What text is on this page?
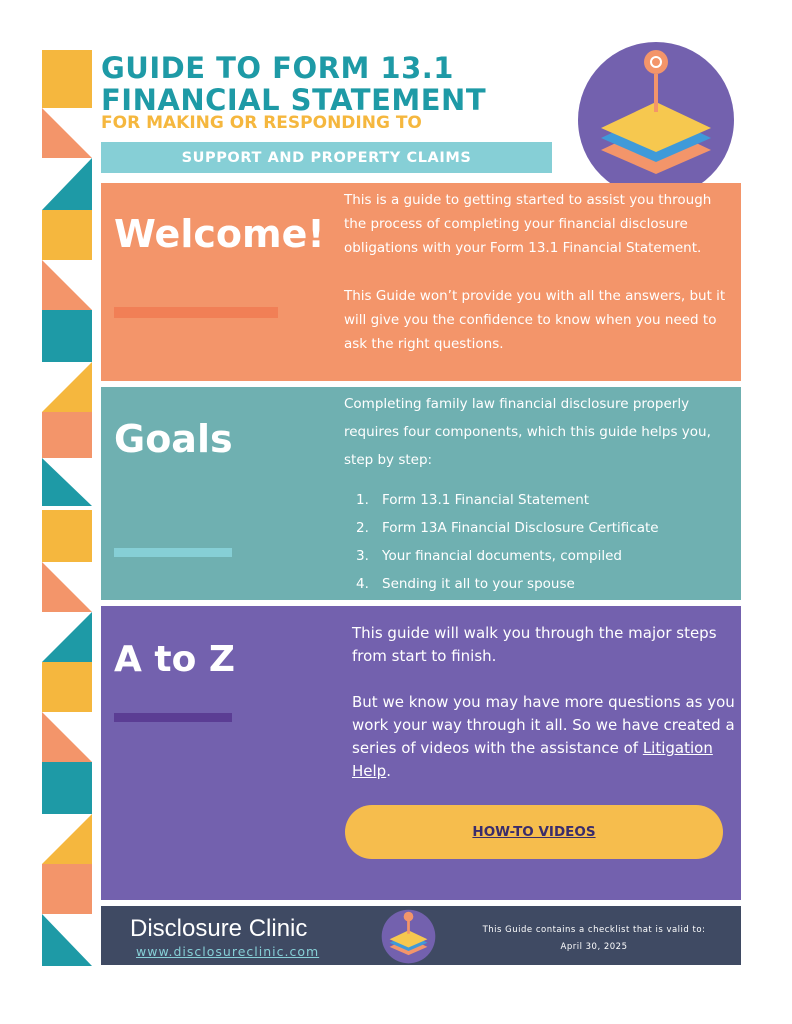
GUIDE TO FORM 13.1
FINANCIAL STATEMENT
FOR MAKING OR RESPONDING TO
SUPPORT AND PROPERTY CLAIMS
Welcome!
This is a guide to getting started to assist you through the process of completing your financial disclosure obligations with your Form 13.1 Financial Statement.
This Guide won’t provide you with all the answers, but it will give you the confidence to know when you need to ask the right questions.
Goals
Completing family law financial disclosure properly requires four components, which this guide helps you, step by step:
1. Form 13.1 Financial Statement
2. Form 13A Financial Disclosure Certificate
3. Your financial documents, compiled
4. Sending it all to your spouse
A to Z
This guide will walk you through the major steps from start to finish.
But we know you may have more questions as you work your way through it all. So we have created a series of videos with the assistance of Litigation Help.
HOW-TO VIDEOS
Disclosure Clinic
www.disclosureclinic.com
This Guide contains a checklist that is valid to:
April 30, 2025
